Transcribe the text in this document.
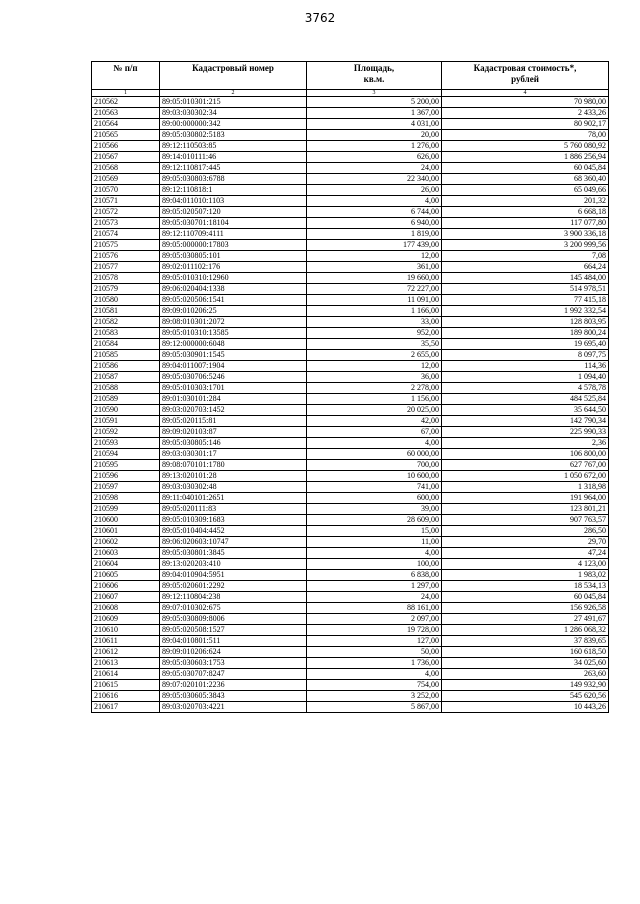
3762
№ п/п	Кадастровый номер	Площадь,
кв.м.	Кадастровая стоимость*,
рублей
1	2	3	4
210562	89:05:010301:215	5 200,00	70 980,00
210563	89:03:030302:34	1 367,00	2 433,26
210564	89:00:000000:342	4 031,00	80 902,17
210565	89:05:030802:5183	20,00	78,00
210566	89:12:110503:85	1 276,00	5 760 080,92
210567	89:14:010111:46	626,00	1 886 256,94
210568	89:12:110817:445	24,00	60 045,84
210569	89:05:030803:6788	22 340,00	68 360,40
210570	89:12:110818:1	26,00	65 049,66
210571	89:04:011010:1103	4,00	201,32
210572	89:05:020507:120	6 744,00	6 668,18
210573	89:05:030701:18104	6 940,00	117 077,80
210574	89:12:110709:4111	1 819,00	3 900 336,18
210575	89:05:000000:17803	177 439,00	3 200 999,56
210576	89:05:030805:101	12,00	7,08
210577	89:02:011102:176	361,00	664,24
210578	89:05:010310:12960	19 660,00	145 484,00
210579	89:06:020404:1338	72 227,00	514 978,51
210580	89:05:020506:1541	11 091,00	77 415,18
210581	89:09:010206:25	1 166,00	1 992 332,54
210582	89:08:010301:2072	33,00	128 803,95
210583	89:05:010310:13585	952,00	189 800,24
210584	89:12:000000:6048	35,50	19 695,40
210585	89:05:030901:1545	2 655,00	8 097,75
210586	89:04:011007:1904	12,00	114,36
210587	89:05:030706:5246	36,00	1 094,40
210588	89:05:010303:1701	2 278,00	4 578,78
210589	89:01:030101:284	1 156,00	484 525,84
210590	89:03:020703:1452	20 025,00	35 644,50
210591	89:05:020115:81	42,00	142 790,34
210592	89:09:020103:87	67,00	225 990,33
210593	89:05:030805:146	4,00	2,36
210594	89:03:030301:17	60 000,00	106 800,00
210595	89:08:070101:1780	700,00	627 767,00
210596	89:13:020101:28	10 600,00	1 050 672,00
210597	89:03:030302:48	741,00	1 318,98
210598	89:11:040101:2651	600,00	191 964,00
210599	89:05:020111:83	39,00	123 801,21
210600	89:05:010309:1683	28 609,00	907 763,57
210601	89:05:010404:4452	15,00	286,50
210602	89:06:020603:10747	11,00	29,70
210603	89:05:030801:3845	4,00	47,24
210604	89:13:020203:410	100,00	4 123,00
210605	89:04:010904:5951	6 838,00	1 983,02
210606	89:05:020601:2292	1 297,00	18 534,13
210607	89:12:110804:238	24,00	60 045,84
210608	89:07:010302:675	88 161,00	156 926,58
210609	89:05:030809:8006	2 097,00	27 491,67
210610	89:05:020508:1527	19 728,00	1 286 068,32
210611	89:04:010801:511	127,00	37 839,65
210612	89:09:010206:624	50,00	160 618,50
210613	89:05:030603:1753	1 736,00	34 025,60
210614	89:05:030707:8247	4,00	263,60
210615	89:07:020101:2236	754,00	149 932,90
210616	89:05:030605:3843	3 252,00	545 620,56
210617	89:03:020703:4221	5 867,00	10 443,26
